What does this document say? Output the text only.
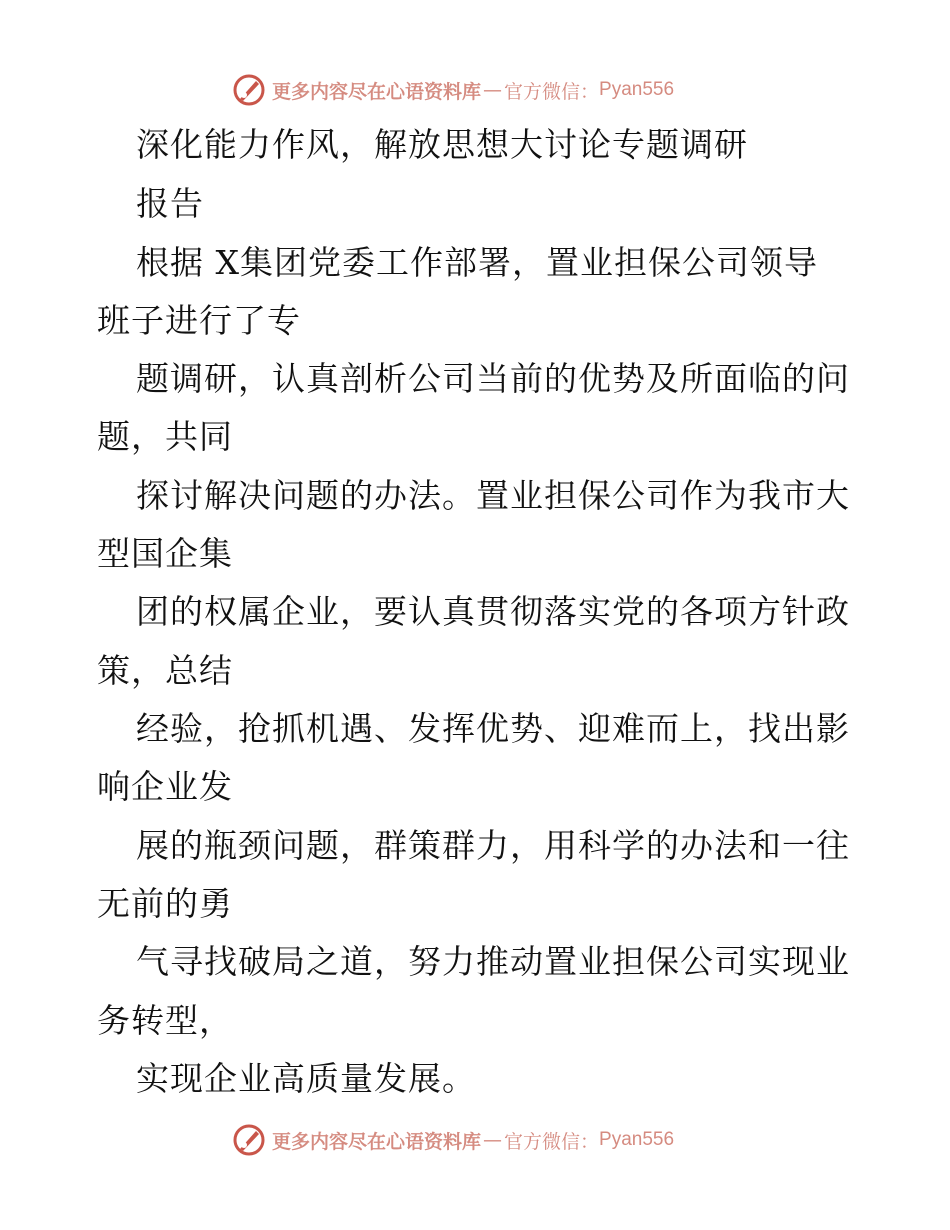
更多内容尽在心语资料库 — 官方微信： Pyan556
深化能力作风，解放思想大讨论专题调研
报告
根据 X集团党委工作部署，置业担保公司领导
班子进行了专
题调研，认真剖析公司当前的优势及所面临的问
题，共同
探讨解决问题的办法。置业担保公司作为我市大
型国企集
团的权属企业，要认真贯彻落实党的各项方针政
策，总结
经验，抢抓机遇、发挥优势、迎难而上，找出影
响企业发
展的瓶颈问题，群策群力，用科学的办法和一往
无前的勇
气寻找破局之道，努力推动置业担保公司实现业
务转型，
实现企业高质量发展。
更多内容尽在心语资料库 — 官方微信： Pyan556
